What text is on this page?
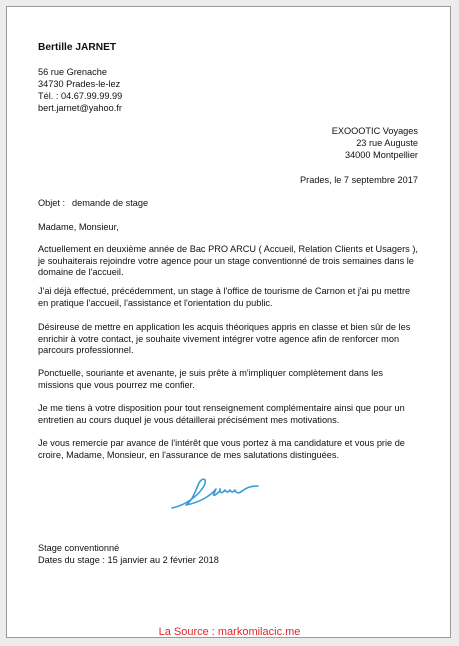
Bertille JARNET
56 rue Grenache
34730 Prades-le-lez
Tél. : 04.67.99.99.99
bert.jarnet@yahoo.fr
EXOOOTIC Voyages
23 rue Auguste
34000 Montpellier
Prades, le 7 septembre 2017
Objet : demande de stage
Madame, Monsieur,
Actuellement en deuxième année de Bac PRO ARCU ( Accueil, Relation Clients et Usagers ), je souhaiterais rejoindre votre agence pour un stage conventionné de trois semaines dans le domaine de l'accueil.
J'ai déjà effectué, précédemment, un stage à l'office de tourisme de Carnon et j'ai pu mettre en pratique l'accueil, l'assistance et l'orientation du public.
Désireuse de mettre en application les acquis théoriques appris en classe et bien sûr de les enrichir à votre contact, je souhaite vivement intégrer votre agence afin de renforcer mon parcours professionnel.
Ponctuelle, souriante et avenante, je suis prête à m'impliquer complètement dans les missions que vous pourrez me confier.
Je me tiens à votre disposition pour tout renseignement complémentaire ainsi que pour un entretien au cours duquel je vous détaillerai précisément mes motivations.
Je vous remercie par avance de l'intérêt que vous portez à ma candidature et vous prie de croire, Madame, Monsieur, en l'assurance de mes salutations distinguées.
Stage conventionné
Dates du stage : 15 janvier au 2 février 2018
La Source : markomilacic.me
